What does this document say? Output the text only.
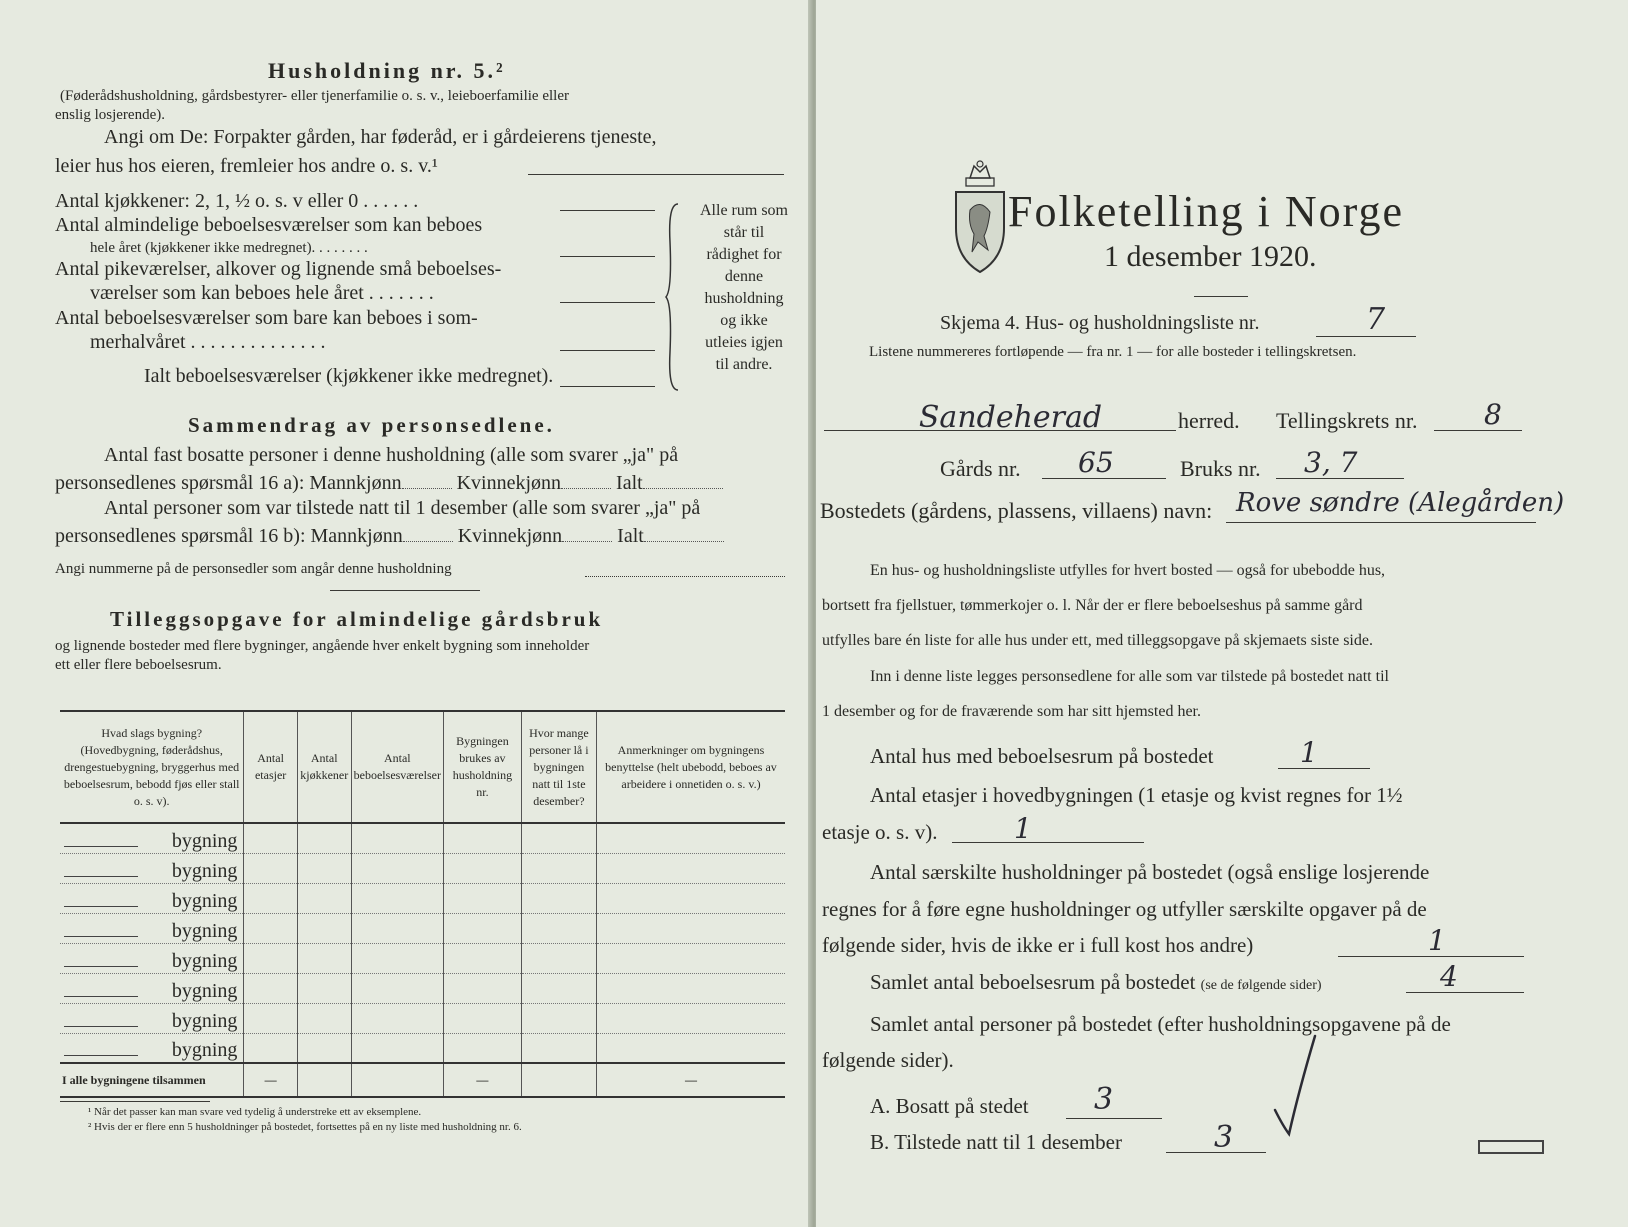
Husholdning nr. 5.²
(Føderådshusholdning, gårdsbestyrer- eller tjenerfamilie o. s. v., leieboerfamilie eller
enslig losjerende).
Angi om De: Forpakter gården, har føderåd, er i gårdeierens tjeneste,
leier hus hos eieren, fremleier hos andre o. s. v.¹
Antal kjøkkener: 2, 1, ½ o. s. v eller 0 . . . . . .
Antal almindelige beboelsesværelser som kan beboes
hele året (kjøkkener ikke medregnet). . . . . . . .
Antal pikeværelser, alkover og lignende små beboelses-
værelser som kan beboes hele året . . . . . . .
Antal beboelsesværelser som bare kan beboes i som-
merhalvåret . . . . . . . . . . . . . .
Ialt beboelsesværelser (kjøkkener ikke medregnet).
Alle rum som står til rådighet for denne husholdning og ikke utleies igjen til andre.
Sammendrag av personsedlene.
Antal fast bosatte personer i denne husholdning (alle som svarer „ja" på
personsedlenes spørsmål 16 a): Mannkjønn	Kvinnekjønn	Ialt
Antal personer som var tilstede natt til 1 desember (alle som svarer „ja" på
personsedlenes spørsmål 16 b): Mannkjønn	Kvinnekjønn	Ialt
Angi nummerne på de personsedler som angår denne husholdning
Tilleggsopgave for almindelige gårdsbruk
og lignende bosteder med flere bygninger, angående hver enkelt bygning som inneholder
ett eller flere beboelsesrum.
Hvad slags bygning? (Hovedbygning, føderådshus, drengestuebygning, bryggerhus med beboelsesrum, bebodd fjøs eller stall o. s. v).	Antal etasjer	Antal kjøkkener	Antal beboelsesværelser	Bygningen brukes av husholdning nr.	Hvor mange personer lå i bygningen natt til 1ste desember?	Anmerkninger om bygningens benyttelse (helt ubebodd, beboes av arbeidere i onnetiden o. s. v.)
bygning						
bygning						
bygning						
bygning						
bygning						
bygning						
bygning						
bygning						
I alle bygningene tilsammen	—			—		—
¹ Når det passer kan man svare ved tydelig å understreke ett av eksemplene.
² Hvis der er flere enn 5 husholdninger på bostedet, fortsettes på en ny liste med husholdning nr. 6.
Folketelling i Norge
1 desember 1920.
Skjema 4. Hus- og husholdningsliste nr.	7
Listene nummereres fortløpende — fra nr. 1 — for alle bosteder i tellingskretsen.
Sandeherad	herred. Tellingskrets nr. 8
Gårds nr. 65	Bruks nr. 3, 7
Bostedets (gårdens, plassens, villaens) navn: Rove søndre (Alegården)
En hus- og husholdningsliste utfylles for hvert bosted — også for ubebodde hus,
bortsett fra fjellstuer, tømmerkojer o. l. Når der er flere beboelseshus på samme gård
utfylles bare én liste for alle hus under ett, med tilleggsopgave på skjemaets siste side.
Inn i denne liste legges personsedlene for alle som var tilstede på bostedet natt til
1 desember og for de fraværende som har sitt hjemsted her.
Antal hus med beboelsesrum på bostedet	1
Antal etasjer i hovedbygningen (1 etasje og kvist regnes for 1½
etasje o. s. v).	1
Antal særskilte husholdninger på bostedet (også enslige losjerende
regnes for å føre egne husholdninger og utfyller særskilte opgaver på de
følgende sider, hvis de ikke er i full kost hos andre)	1
Samlet antal beboelsesrum på bostedet (se de følgende sider)	4
Samlet antal personer på bostedet (efter husholdningsopgavene på de
følgende sider).
A. Bosatt på stedet 3
B. Tilstede natt til 1 desember	3
